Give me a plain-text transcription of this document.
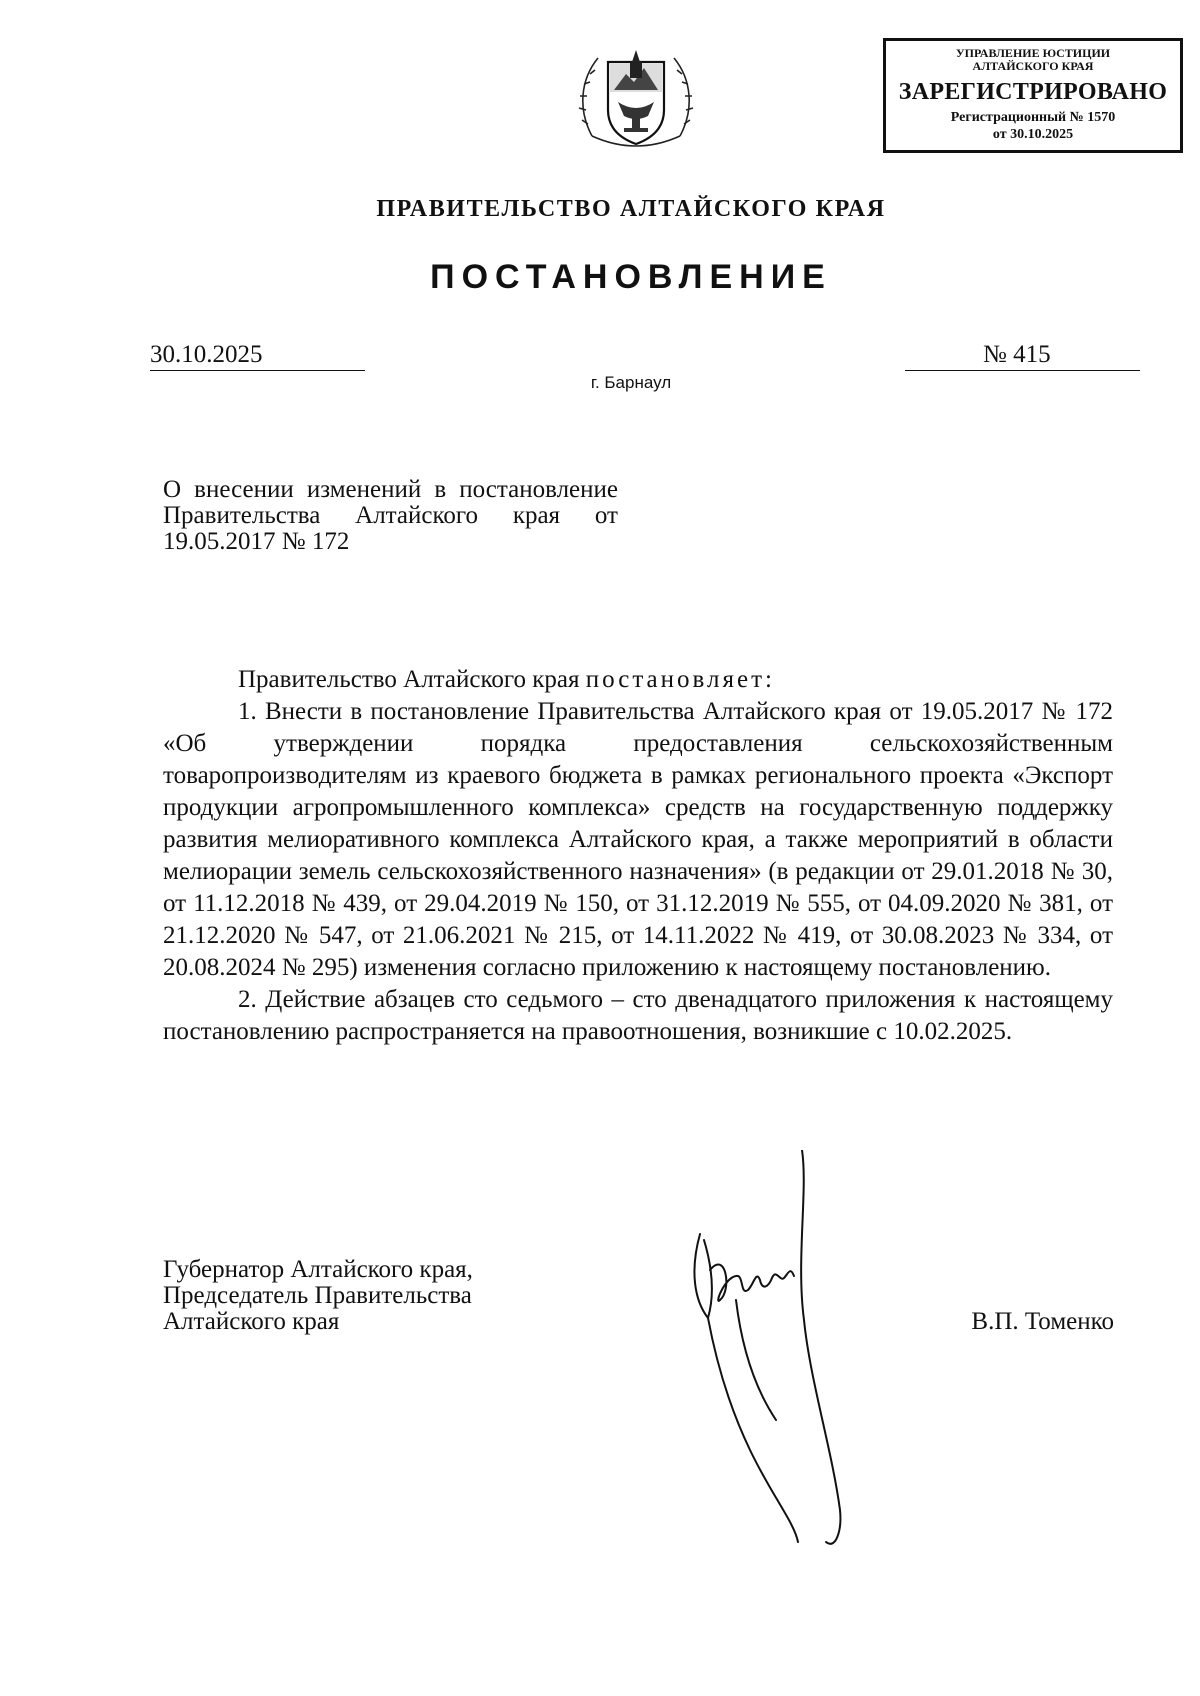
УПРАВЛЕНИЕ ЮСТИЦИИ
АЛТАЙСКОГО КРАЯ
ЗАРЕГИСТРИРОВАНО
Регистрационный № 1570
от 30.10.2025
ПРАВИТЕЛЬСТВО АЛТАЙСКОГО КРАЯ
ПОСТАНОВЛЕНИЕ
30.10.2025	№ 415
г. Барнаул
О внесении изменений в постановление Правительства Алтайского края от 19.05.2017 № 172

Правительство Алтайского края постановляет:

1. Внести в постановление Правительства Алтайского края от 19.05.2017 № 172 «Об утверждении порядка предоставления сельскохозяйственным товаропроизводителям из краевого бюджета в рамках регионального проекта «Экспорт продукции агропромышленного комплекса» средств на государственную поддержку развития мелиоративного комплекса Алтайского края, а также мероприятий в области мелиорации земель сельскохозяйственного назначения» (в редакции от 29.01.2018 № 30, от 11.12.2018 № 439, от 29.04.2019 № 150, от 31.12.2019 № 555, от 04.09.2020 № 381, от 21.12.2020 № 547, от 21.06.2021 № 215, от 14.11.2022 № 419, от 30.08.2023 № 334, от 20.08.2024 № 295) изменения согласно приложению к настоящему постановлению.

2. Действие абзацев сто седьмого – сто двенадцатого приложения к настоящему постановлению распространяется на правоотношения, возникшие с 10.02.2025.

Губернатор Алтайского края,
Председатель Правительства
Алтайского края	В.П. Томенко
